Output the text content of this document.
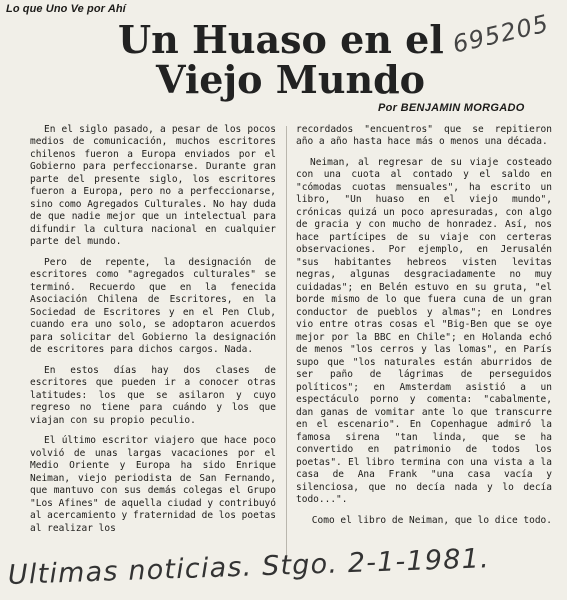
Lo que Uno Ve por Ahí
Un Huaso en el
Viejo Mundo
695205
Por BENJAMIN MORGADO

En el siglo pasado, a pesar de los pocos medios de comunicación, muchos escritores chilenos fueron a Europa enviados por el Gobierno para perfeccionarse. Durante gran parte del presente siglo, los escritores fueron a Europa, pero no a perfeccionarse, sino como Agregados Culturales. No hay duda de que nadie mejor que un intelectual para difundir la cultura nacional en cualquier parte del mundo.

Pero de repente, la designación de escritores como "agregados culturales" se terminó. Recuerdo que en la fenecida Asociación Chilena de Escritores, en la Sociedad de Escritores y en el Pen Club, cuando era uno solo, se adoptaron acuerdos para solicitar del Gobierno la designación de escritores para dichos cargos. Nada.

En estos días hay dos clases de escritores que pueden ir a conocer otras latitudes: los que se asilaron y cuyo regreso no tiene para cuándo y los que viajan con su propio peculio.

El último escritor viajero que hace poco volvió de unas largas vacaciones por el Medio Oriente y Europa ha sido Enrique Neiman, viejo periodista de San Fernando, que mantuvo con sus demás colegas el Grupo "Los Afines" de aquella ciudad y contribuyó al acercamiento y fraternidad de los poetas al realizar los

recordados "encuentros" que se repitieron año a año hasta hace más o menos una década.

Neiman, al regresar de su viaje costeado con una cuota al contado y el saldo en "cómodas cuotas mensuales", ha escrito un libro, "Un huaso en el viejo mundo", crónicas quizá un poco apresuradas, con algo de gracia y con mucho de honradez. Así, nos hace partícipes de su viaje con certeras observaciones. Por ejemplo, en Jerusalén "sus habitantes hebreos visten levitas negras, algunas desgraciadamente no muy cuidadas"; en Belén estuvo en su gruta, "el borde mismo de lo que fuera cuna de un gran conductor de pueblos y almas"; en Londres vio entre otras cosas el "Big-Ben que se oye mejor por la BBC en Chile"; en Holanda echó de menos "los cerros y las lomas", en París supo que "los naturales están aburridos de ser paño de lágrimas de perseguidos políticos"; en Amsterdam asistió a un espectáculo porno y comenta: "cabalmente, dan ganas de vomitar ante lo que transcurre en el escenario". En Copenhague admiró la famosa sirena "tan linda, que se ha convertido en patrimonio de todos los poetas". El libro termina con una vista a la casa de Ana Frank "una casa vacía y silenciosa, que no decía nada y lo decía todo...".

Como el libro de Neiman, que lo dice todo.

Ultimas noticias. Stgo. 2-1-1981.
